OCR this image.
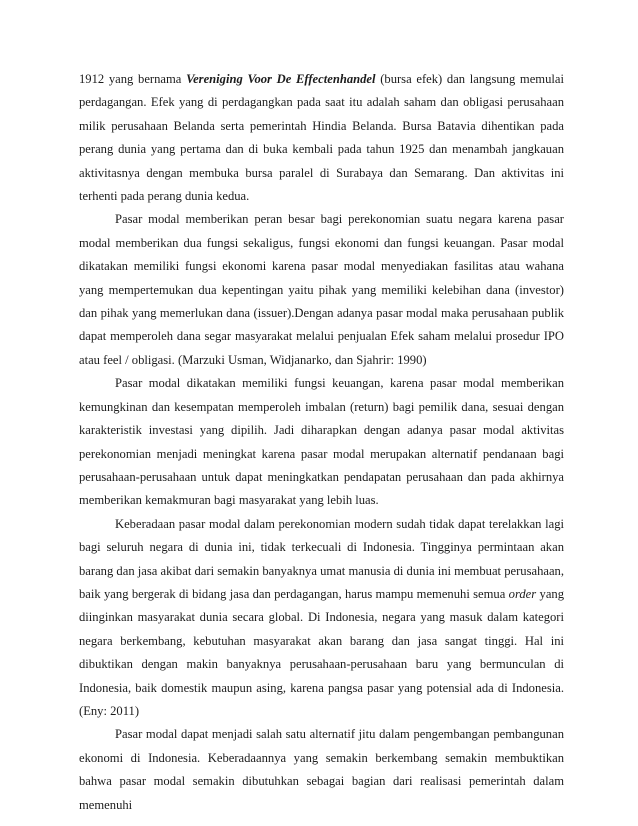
1912 yang bernama Vereniging Voor De Effectenhandel (bursa efek) dan langsung memulai perdagangan. Efek yang di perdagangkan pada saat itu adalah saham dan obligasi perusahaan milik perusahaan Belanda serta pemerintah Hindia Belanda. Bursa Batavia dihentikan pada perang dunia yang pertama dan di buka kembali pada tahun 1925 dan menambah jangkauan aktivitasnya dengan membuka bursa paralel di Surabaya dan Semarang. Dan aktivitas ini terhenti pada perang dunia kedua.

Pasar modal memberikan peran besar bagi perekonomian suatu negara karena pasar modal memberikan dua fungsi sekaligus, fungsi ekonomi dan fungsi keuangan. Pasar modal dikatakan memiliki fungsi ekonomi karena pasar modal menyediakan fasilitas atau wahana yang mempertemukan dua kepentingan yaitu pihak yang memiliki kelebihan dana (investor) dan pihak yang memerlukan dana (issuer).Dengan adanya pasar modal maka perusahaan publik dapat memperoleh dana segar masyarakat melalui penjualan Efek saham melalui prosedur IPO atau feel / obligasi. (Marzuki Usman, Widjanarko, dan Sjahrir: 1990)

Pasar modal dikatakan memiliki fungsi keuangan, karena pasar modal memberikan kemungkinan dan kesempatan memperoleh imbalan (return) bagi pemilik dana, sesuai dengan karakteristik investasi yang dipilih. Jadi diharapkan dengan adanya pasar modal aktivitas perekonomian menjadi meningkat karena pasar modal merupakan alternatif pendanaan bagi perusahaan-perusahaan untuk dapat meningkatkan pendapatan perusahaan dan pada akhirnya memberikan kemakmuran bagi masyarakat yang lebih luas.

Keberadaan pasar modal dalam perekonomian modern sudah tidak dapat terelakkan lagi bagi seluruh negara di dunia ini, tidak terkecuali di Indonesia. Tingginya permintaan akan barang dan jasa akibat dari semakin banyaknya umat manusia di dunia ini membuat perusahaan, baik yang bergerak di bidang jasa dan perdagangan, harus mampu memenuhi semua order yang diinginkan masyarakat dunia secara global. Di Indonesia, negara yang masuk dalam kategori negara berkembang, kebutuhan masyarakat akan barang dan jasa sangat tinggi. Hal ini dibuktikan dengan makin banyaknya perusahaan-perusahaan baru yang bermunculan di Indonesia, baik domestik maupun asing, karena pangsa pasar yang potensial ada di Indonesia. (Eny: 2011)

Pasar modal dapat menjadi salah satu alternatif jitu dalam pengembangan pembangunan ekonomi di Indonesia. Keberadaannya yang semakin berkembang semakin membuktikan bahwa pasar modal semakin dibutuhkan sebagai bagian dari realisasi pemerintah dalam memenuhi
